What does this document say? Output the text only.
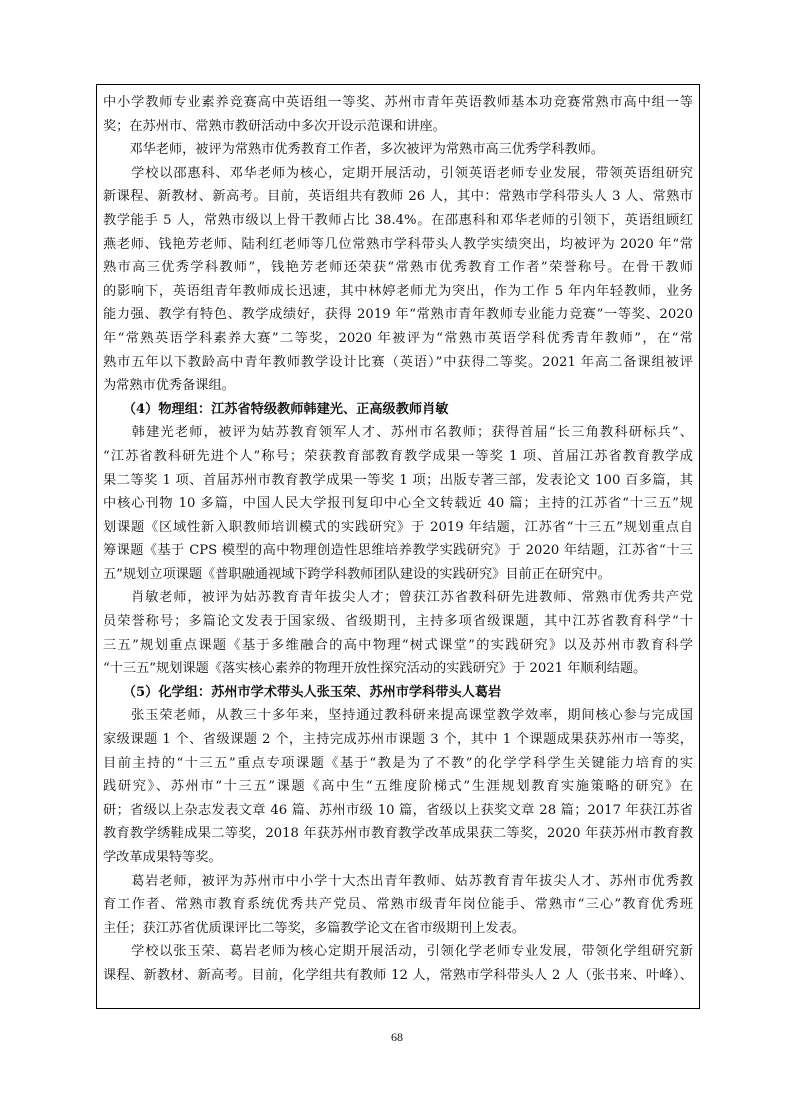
中小学教师专业素养竞赛高中英语组一等奖、苏州市青年英语教师基本功竞赛常熟市高中组一等
奖；在苏州市、常熟市教研活动中多次开设示范课和讲座。
　　邓华老师，被评为常熟市优秀教育工作者，多次被评为常熟市高三优秀学科教师。
　　学校以邵惠科、邓华老师为核心，定期开展活动，引领英语老师专业发展，带领英语组研究
新课程、新教材、新高考。目前，英语组共有教师 26 人，其中：常熟市学科带头人 3 人、常熟市
教学能手 5 人，常熟市级以上骨干教师占比 38.4%。在邵惠科和邓华老师的引领下，英语组顾红
燕老师、钱艳芳老师、陆利红老师等几位常熟市学科带头人教学实绩突出，均被评为 2020 年“常
熟市高三优秀学科教师”，钱艳芳老师还荣获“常熟市优秀教育工作者”荣誉称号。在骨干教师
的影响下，英语组青年教师成长迅速，其中林婷老师尤为突出，作为工作 5 年内年轻教师，业务
能力强、教学有特色、教学成绩好，获得 2019 年“常熟市青年教师专业能力竞赛”一等奖、2020
年“常熟英语学科素养大赛”二等奖，2020 年被评为“常熟市英语学科优秀青年教师”，在“常
熟市五年以下教龄高中青年教师教学设计比赛（英语）”中获得二等奖。2021 年高二备课组被评
为常熟市优秀备课组。
　　（4）物理组：江苏省特级教师韩建光、正高级教师肖敏
　　韩建光老师，被评为姑苏教育领军人才、苏州市名教师；获得首届“长三角教科研标兵”、
“江苏省教科研先进个人”称号；荣获教育部教育教学成果一等奖 1 项、首届江苏省教育教学成
果二等奖 1 项、首届苏州市教育教学成果一等奖 1 项；出版专著三部，发表论文 100 百多篇，其
中核心刊物 10 多篇，中国人民大学报刊复印中心全文转载近 40 篇；主持的江苏省“十三五”规
划课题《区域性新入职教师培训模式的实践研究》于 2019 年结题，江苏省“十三五”规划重点自
筹课题《基于 CPS 模型的高中物理创造性思维培养教学实践研究》于 2020 年结题，江苏省“十三
五”规划立项课题《普职融通视域下跨学科教师团队建设的实践研究》目前正在研究中。
　　肖敏老师，被评为姑苏教育青年拔尖人才；曾获江苏省教科研先进教师、常熟市优秀共产党
员荣誉称号；多篇论文发表于国家级、省级期刊，主持多项省级课题，其中江苏省教育科学“十
三五”规划重点课题《基于多维融合的高中物理“树式课堂”的实践研究》以及苏州市教育科学
“十三五”规划课题《落实核心素养的物理开放性探究活动的实践研究》于 2021 年顺利结题。
　　（5）化学组：苏州市学术带头人张玉荣、苏州市学科带头人葛岩
　　张玉荣老师，从教三十多年来，坚持通过教科研来提高课堂教学效率，期间核心参与完成国
家级课题 1 个、省级课题 2 个，主持完成苏州市课题 3 个，其中 1 个课题成果获苏州市一等奖，
目前主持的“十三五”重点专项课题《基于“教是为了不教”的化学学科学生关键能力培育的实
践研究》、苏州市“十三五”课题《高中生“五维度阶梯式”生涯规划教育实施策略的研究》在
研；省级以上杂志发表文章 46 篇、苏州市级 10 篇，省级以上获奖文章 28 篇；2017 年获江苏省
教育教学绣鞋成果二等奖，2018 年获苏州市教育教学改革成果获二等奖，2020 年获苏州市教育教
学改革成果特等奖。
　　葛岩老师，被评为苏州市中小学十大杰出青年教师、姑苏教育青年拔尖人才、苏州市优秀教
育工作者、常熟市教育系统优秀共产党员、常熟市级青年岗位能手、常熟市“三心”教育优秀班
主任；获江苏省优质课评比二等奖，多篇教学论文在省市级期刊上发表。
　　学校以张玉荣、葛岩老师为核心定期开展活动，引领化学老师专业发展，带领化学组研究新
课程、新教材、新高考。目前，化学组共有教师 12 人，常熟市学科带头人 2 人（张书来、叶峰）、
68
